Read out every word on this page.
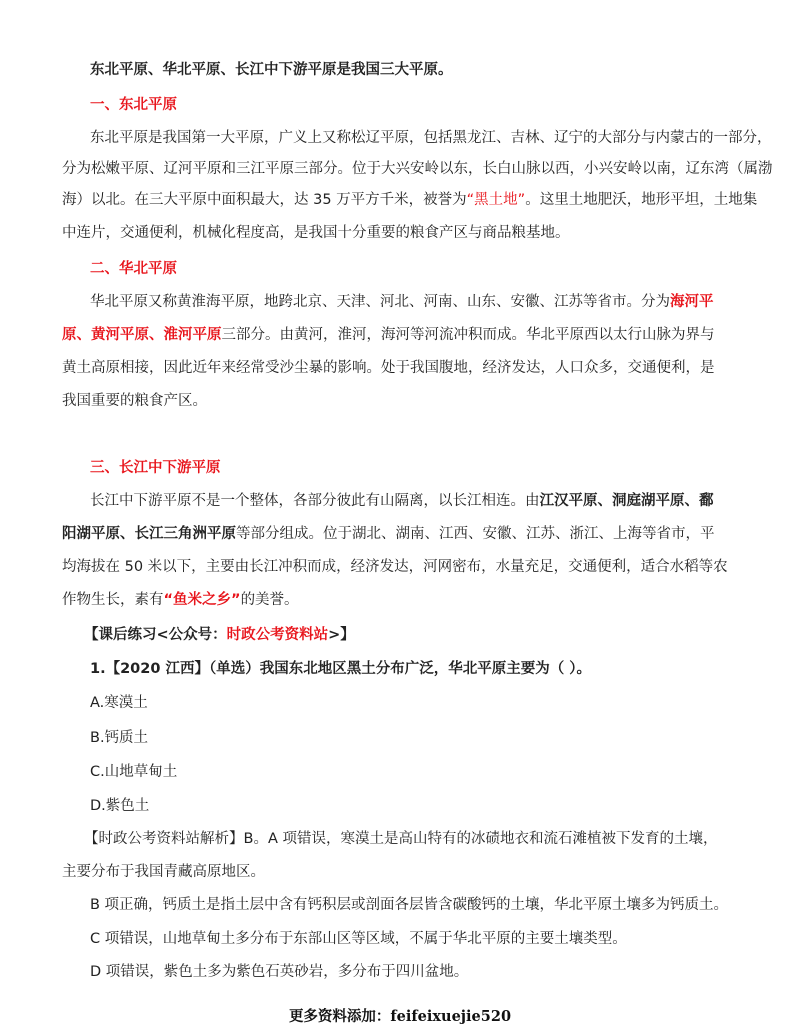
东北平原、华北平原、长江中下游平原是我国三大平原。
一、东北平原
东北平原是我国第一大平原，广义上又称松辽平原，包括黑龙江、吉林、辽宁的大部分与内蒙古的一部分，
分为松嫩平原、辽河平原和三江平原三部分。位于大兴安岭以东，长白山脉以西，小兴安岭以南，辽东湾（属渤
海）以北。在三大平原中面积最大，达 35 万平方千米，被誉为“黑土地”。这里土地肥沃，地形平坦，土地集
中连片，交通便利，机械化程度高，是我国十分重要的粮食产区与商品粮基地。
二、华北平原
华北平原又称黄淮海平原，地跨北京、天津、河北、河南、山东、安徽、江苏等省市。分为海河平
原、黄河平原、淮河平原三部分。由黄河，淮河，海河等河流冲积而成。华北平原西以太行山脉为界与
黄土高原相接，因此近年来经常受沙尘暴的影响。处于我国腹地，经济发达，人口众多，交通便利，是
我国重要的粮食产区。
三、长江中下游平原
长江中下游平原不是一个整体，各部分彼此有山隔离，以长江相连。由江汉平原、洞庭湖平原、鄱
阳湖平原、长江三角洲平原等部分组成。位于湖北、湖南、江西、安徽、江苏、浙江、上海等省市，平
均海拔在 50 米以下，主要由长江冲积而成，经济发达，河网密布，水量充足，交通便利，适合水稻等农
作物生长，素有“鱼米之乡”的美誉。
【课后练习<公众号：时政公考资料站>】
1.【2020 江西】（单选）我国东北地区黑土分布广泛，华北平原主要为（ ）。
A.寒漠土
B.钙质土
C.山地草甸土
D.紫色土
【时政公考资料站解析】B。A 项错误，寒漠土是高山特有的冰碛地衣和流石滩植被下发育的土壤，
主要分布于我国青藏高原地区。
B 项正确，钙质土是指土层中含有钙积层或剖面各层皆含碳酸钙的土壤，华北平原土壤多为钙质土。
C 项错误，山地草甸土多分布于东部山区等区域，不属于华北平原的主要土壤类型。
D 项错误，紫色土多为紫色石英砂岩，多分布于四川盆地。
更多资料添加：feifeixuejie520
